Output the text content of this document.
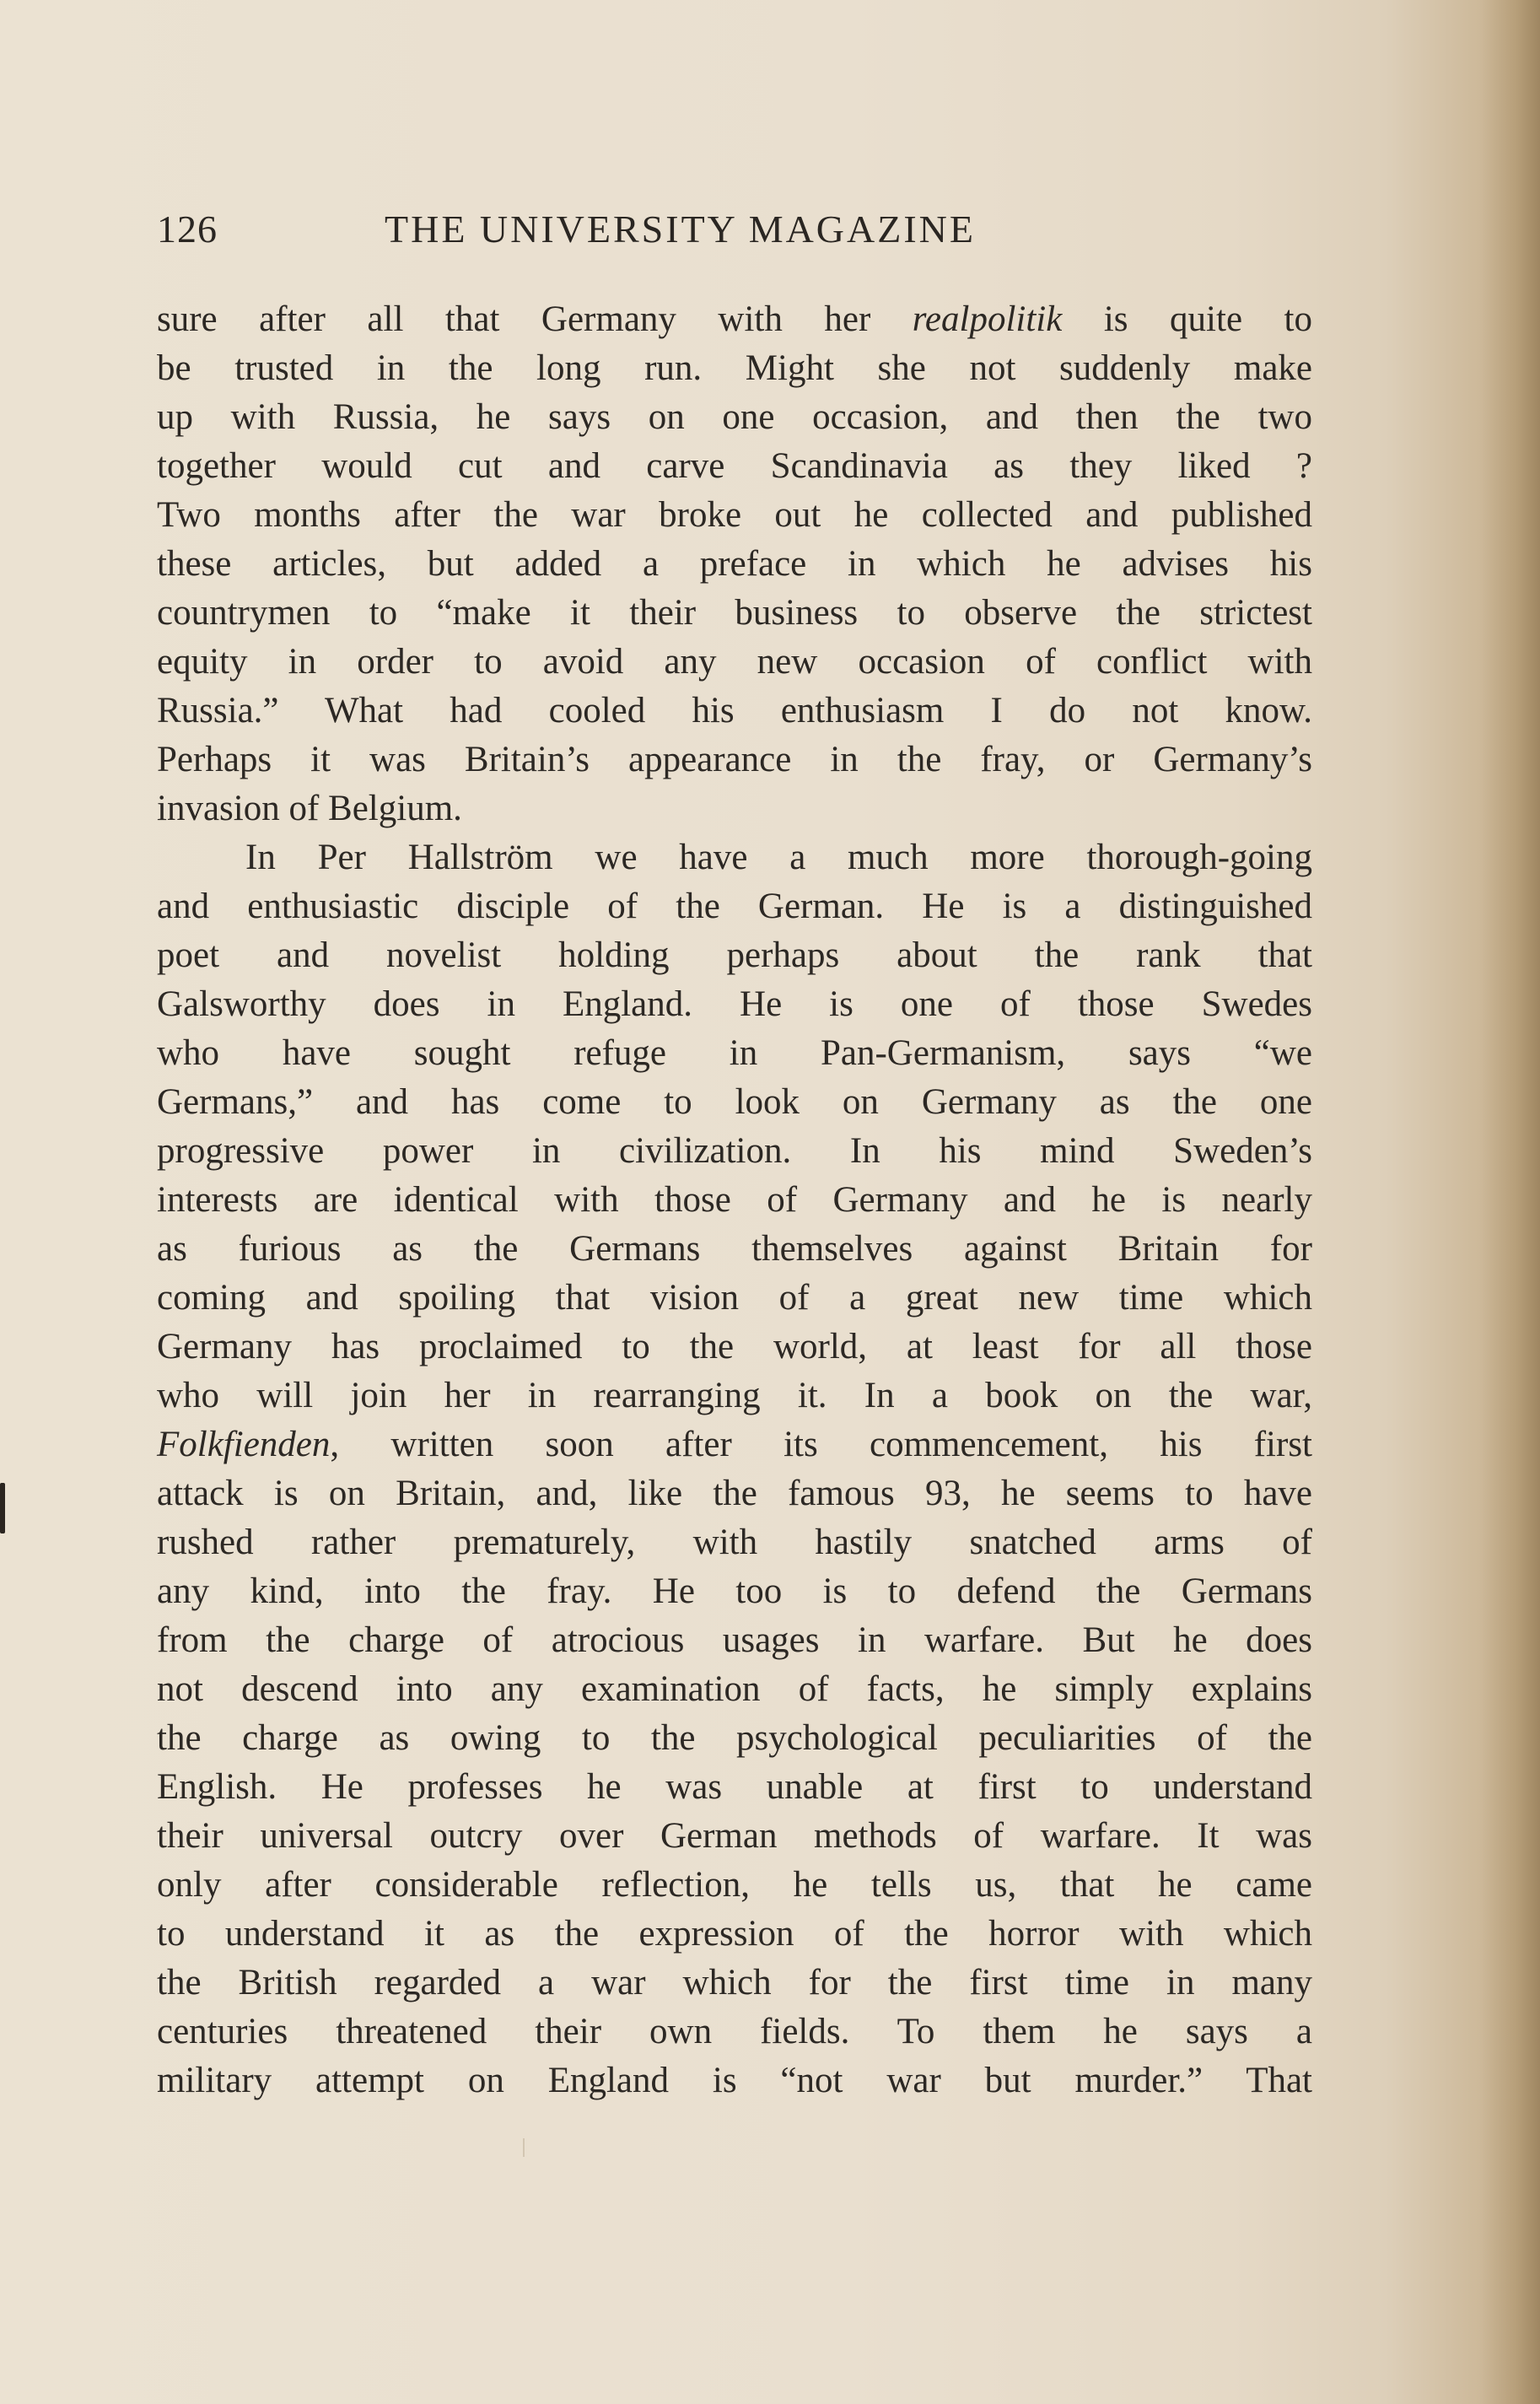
126	THE UNIVERSITY MAGAZINE
sure after all that Germany with her realpolitik is quite to
be trusted in the long run. Might she not suddenly make
up with Russia, he says on one occasion, and then the two
together would cut and carve Scandinavia as they liked ?
Two months after the war broke out he collected and published
these articles, but added a preface in which he advises his
countrymen to “make it their business to observe the strictest
equity in order to avoid any new occasion of conflict with
Russia.” What had cooled his enthusiasm I do not know.
Perhaps it was Britain’s appearance in the fray, or Germany’s
invasion of Belgium.
In Per Hallström we have a much more thorough-going
and enthusiastic disciple of the German. He is a distinguished
poet and novelist holding perhaps about the rank that
Galsworthy does in England. He is one of those Swedes
who have sought refuge in Pan-Germanism, says “we
Germans,” and has come to look on Germany as the one
progressive power in civilization. In his mind Sweden’s
interests are identical with those of Germany and he is nearly
as furious as the Germans themselves against Britain for
coming and spoiling that vision of a great new time which
Germany has proclaimed to the world, at least for all those
who will join her in rearranging it. In a book on the war,
Folkfienden, written soon after its commencement, his first
attack is on Britain, and, like the famous 93, he seems to have
rushed rather prematurely, with hastily snatched arms of
any kind, into the fray. He too is to defend the Germans
from the charge of atrocious usages in warfare. But he does
not descend into any examination of facts, he simply explains
the charge as owing to the psychological peculiarities of the
English. He professes he was unable at first to understand
their universal outcry over German methods of warfare. It was
only after considerable reflection, he tells us, that he came
to understand it as the expression of the horror with which
the British regarded a war which for the first time in many
centuries threatened their own fields. To them he says a
military attempt on England is “not war but murder.” That
